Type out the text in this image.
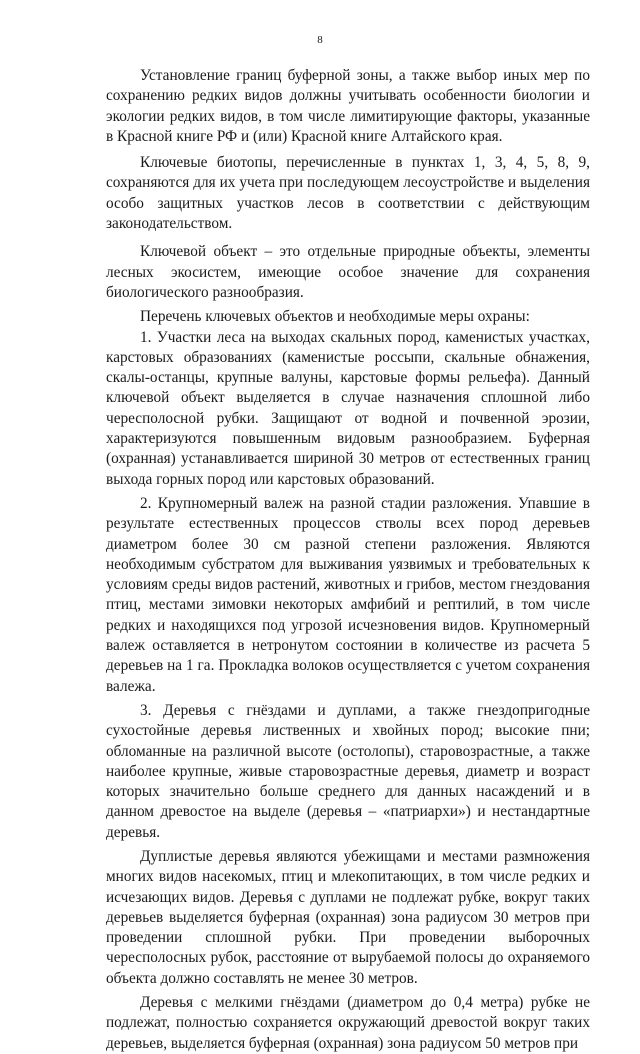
8

Установление границ буферной зоны, а также выбор иных мер по сохранению редких видов должны учитывать особенности биологии и экологии редких видов, в том числе лимитирующие факторы, указанные в Красной книге РФ и (или) Красной книге Алтайского края.

Ключевые биотопы, перечисленные в пунктах 1, 3, 4, 5, 8, 9, сохраняются для их учета при последующем лесоустройстве и выделения особо защитных участков лесов в соответствии с действующим законодательством.

Ключевой объект – это отдельные природные объекты, элементы лесных экосистем, имеющие особое значение для сохранения биологического разнообразия.

Перечень ключевых объектов и необходимые меры охраны:

1. Участки леса на выходах скальных пород, каменистых участках, карстовых образованиях (каменистые россыпи, скальные обнажения, скалы-останцы, крупные валуны, карстовые формы рельефа). Данный ключевой объект выделяется в случае назначения сплошной либо чересполосной рубки. Защищают от водной и почвенной эрозии, характеризуются повышенным видовым разнообразием. Буферная (охранная) устанавливается шириной 30 метров от естественных границ выхода горных пород или карстовых образований.

2. Крупномерный валеж на разной стадии разложения. Упавшие в результате естественных процессов стволы всех пород деревьев диаметром более 30 см разной степени разложения. Являются необходимым субстратом для выживания уязвимых и требовательных к условиям среды видов растений, животных и грибов, местом гнездования птиц, местами зимовки некоторых амфибий и рептилий, в том числе редких и находящихся под угрозой исчезновения видов. Крупномерный валеж оставляется в нетронутом состоянии в количестве из расчета 5 деревьев на 1 га. Прокладка волоков осуществляется с учетом сохранения валежа.

3. Деревья с гнёздами и дуплами, а также гнездопригодные сухостойные деревья лиственных и хвойных пород; высокие пни; обломанные на различной высоте (остолопы), старовозрастные, а также наиболее крупные, живые старовозрастные деревья, диаметр и возраст которых значительно больше среднего для данных насаждений и в данном древостое на выделе (деревья – «патриархи») и нестандартные деревья.

Дуплистые деревья являются убежищами и местами размножения многих видов насекомых, птиц и млекопитающих, в том числе редких и исчезающих видов. Деревья с дуплами не подлежат рубке, вокруг таких деревьев выделяется буферная (охранная) зона радиусом 30 метров при проведении сплошной рубки. При проведении выборочных чересполосных рубок, расстояние от вырубаемой полосы до охраняемого объекта должно составлять не менее 30 метров.

Деревья с мелкими гнёздами (диаметром до 0,4 метра) рубке не подлежат, полностью сохраняется окружающий древостой вокруг таких деревьев, выделяется буферная (охранная) зона радиусом 50 метров при
